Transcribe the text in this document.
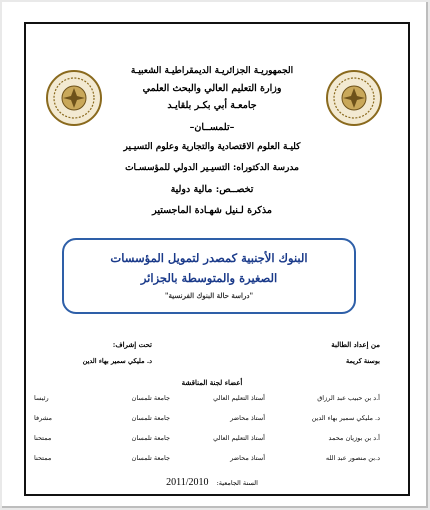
الجمهوريـة الجزائريـة الديمقراطيـة الشعبيـة
وزارة التعليم العالي والبحث العلمي
جامعـة أبي بكـر بلقايـد
–تلمســان–
كليـة العلوم الاقتصادية والتجارية وعلوم التسيـير
مدرسة الدكتوراه: التسيـير الدولي للمؤسسـات
تخصــص: مالية دولية
مذكرة لـنيل شهـادة الماجستير
البنوك الأجنبية كمصدر لتمويل المؤسسات
الصغيرة والمتوسطة بالجزائر
"دراسة حالة البنوك الفرنسية"
من إعداد الطالبة
بوسنة كريمة
تحت إشراف:
د. مليكي سمير بهاء الدين
أعضاء لجنة المناقشة
أ.د بن حبيب عبد الرزاق
د. مليكي سمير بهاء الدين
أ.د بن بوزيان محمد
د.بن منصور عبد الله
أستاذ التعليم العالي
أستاذ محاضر
أستاذ التعليم العالي
أستاذ محاضر
جامعة تلمسان
جامعة تلمسان
جامعة تلمسان
جامعة تلمسان
رئيسا
مشرفا
ممتحنا
ممتحنا
السنة الجامعية: 2011/2010
